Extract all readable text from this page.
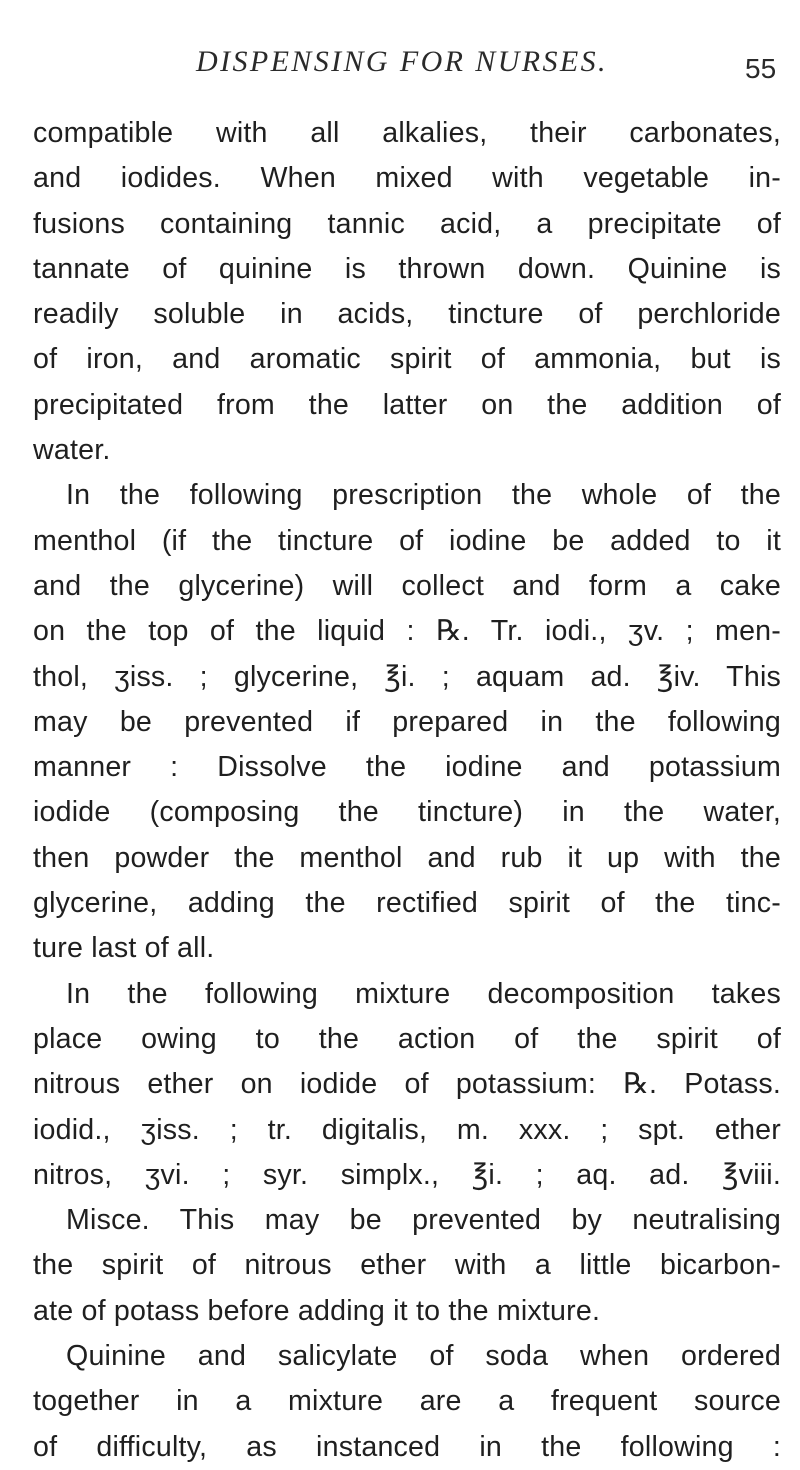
DISPENSING FOR NURSES.	55
compatible with all alkalies, their carbonates,
and iodides. When mixed with vegetable in-
fusions containing tannic acid, a precipitate of
tannate of quinine is thrown down. Quinine is
readily soluble in acids, tincture of perchloride
of iron, and aromatic spirit of ammonia, but is
precipitated from the latter on the addition of
water.
In the following prescription the whole of the
menthol (if the tincture of iodine be added to it
and the glycerine) will collect and form a cake
on the top of the liquid : ℞. Tr. iodi., ʒv. ; men-
thol, ʒiss. ; glycerine, ℥i. ; aquam ad. ℥iv. This
may be prevented if prepared in the following
manner : Dissolve the iodine and potassium
iodide (composing the tincture) in the water,
then powder the menthol and rub it up with the
glycerine, adding the rectified spirit of the tinc-
ture last of all.
In the following mixture decomposition takes
place owing to the action of the spirit of
nitrous ether on iodide of potassium: ℞. Potass.
iodid., ʒiss. ; tr. digitalis, m. xxx. ; spt. ether
nitros, ʒvi. ; syr. simplx., ℥i. ; aq. ad. ℥viii.
Misce. This may be prevented by neutralising
the spirit of nitrous ether with a little bicarbon-
ate of potass before adding it to the mixture.
Quinine and salicylate of soda when ordered
together in a mixture are a frequent source
of difficulty, as instanced in the following :
